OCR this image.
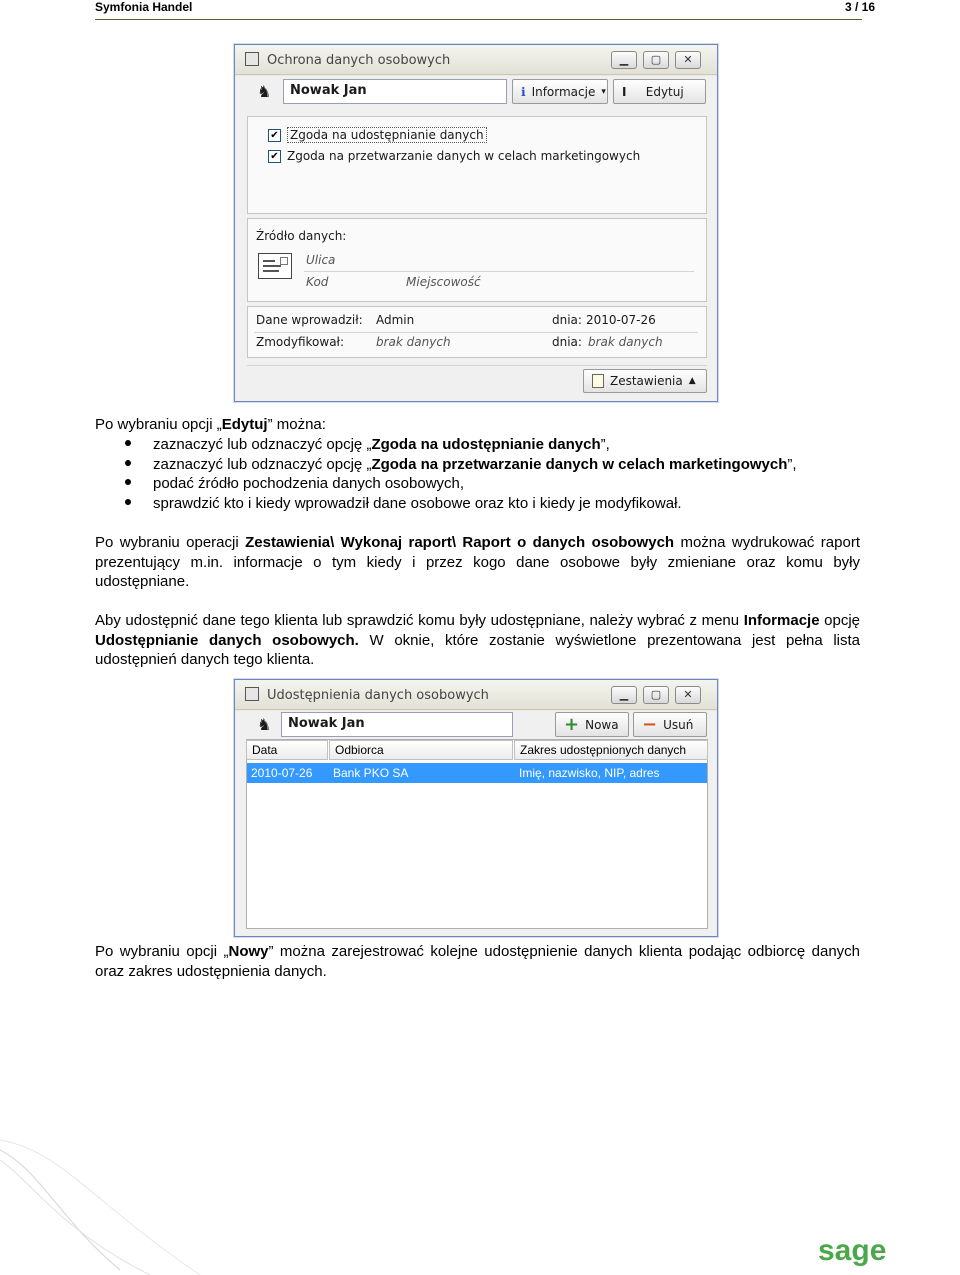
Symfonia Handel	3 / 16
Ochrona danych osobowych	▁	▢	✕
♞	Nowak Jan	ℹ Informacje ▾ I	Edytuj
✔ Zgoda na udostępnianie danych
✔ Zgoda na przetwarzanie danych w celach marketingowych
Źródło danych:
Ulica
Kod	Miejscowość
Dane wprowadził: Admin	dnia: 2010-07-26
Zmodyfikował:	brak danych	dnia: brak danych
Zestawienia ▲
Po wybraniu opcji „Edytuj” można:
zaznaczyć lub odznaczyć opcję „Zgoda na udostępnianie danych”,
zaznaczyć lub odznaczyć opcję „Zgoda na przetwarzanie danych w celach marketingowych”,
podać źródło pochodzenia danych osobowych,
sprawdzić kto i kiedy wprowadził dane osobowe oraz kto i kiedy je modyfikował.
Po wybraniu operacji Zestawienia\ Wykonaj raport\ Raport o danych osobowych można wydrukować raport prezentujący m.in. informacje o tym kiedy i przez kogo dane osobowe były zmieniane oraz komu były udostępniane.
Aby udostępnić dane tego klienta lub sprawdzić komu były udostępniane, należy wybrać z menu Informacje opcję Udostępnianie danych osobowych. W oknie, które zostanie wyświetlone prezentowana jest pełna lista udostępnień danych tego klienta.
Udostępnienia danych osobowych	▁	▢	✕
♞	Nowak Jan	+ Nowa − Usuń
Data	Odbiorca	Zakres udostępnionych danych
2010-07-26 Bank PKO SA	Imię, nazwisko, NIP, adres
Po wybraniu opcji „Nowy” można zarejestrować kolejne udostępnienie danych klienta podając odbiorcę danych oraz zakres udostępnienia danych.
sage
